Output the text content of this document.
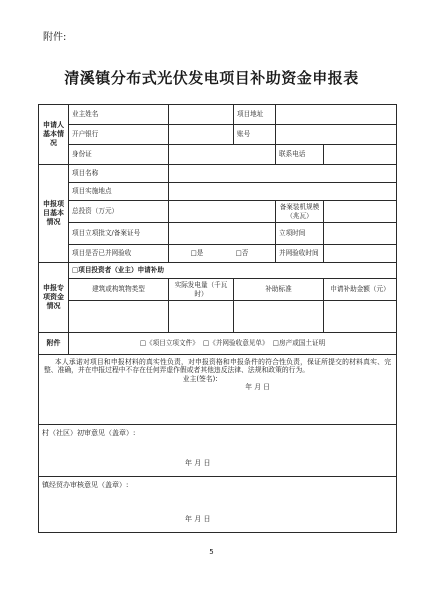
附件:
清溪镇分布式光伏发电项目补助资金申报表
申请人基本情况	业主姓名		项目地址		
	开户银行		账号		
	身份证			联系电话	
申报项目基本情况	项目名称				
	项目实施地点				
	总投资（万元）			备案装机规模（兆瓦）	
	项目立项批文/备案证号			立项时间	
	项目是否已并网验收	□是 □否		并网验收时间	
申报专项资金情况	□项目投资者（业主）申请补助				
	建筑或构筑物类型	实际发电量（千瓦时）	补助标准		申请补助金额（元）

附件	□《项目立项文件》 □《并网验收意见单》 □房产或国土证明				

本人承诺对项目和申报材料的真实性负责，对申报资格和申报条件的符合性负责，保证所提交的材料真实、完整、准确，并在申报过程中不存在任何弄虚作假或者其他违反法律、法规和政策的行为。
业主(签名):
年 月 日					

村（社区）初审意见（盖章）:
年 月 日					

镇经贸办审核意见（盖章）:
年 月 日					
5
